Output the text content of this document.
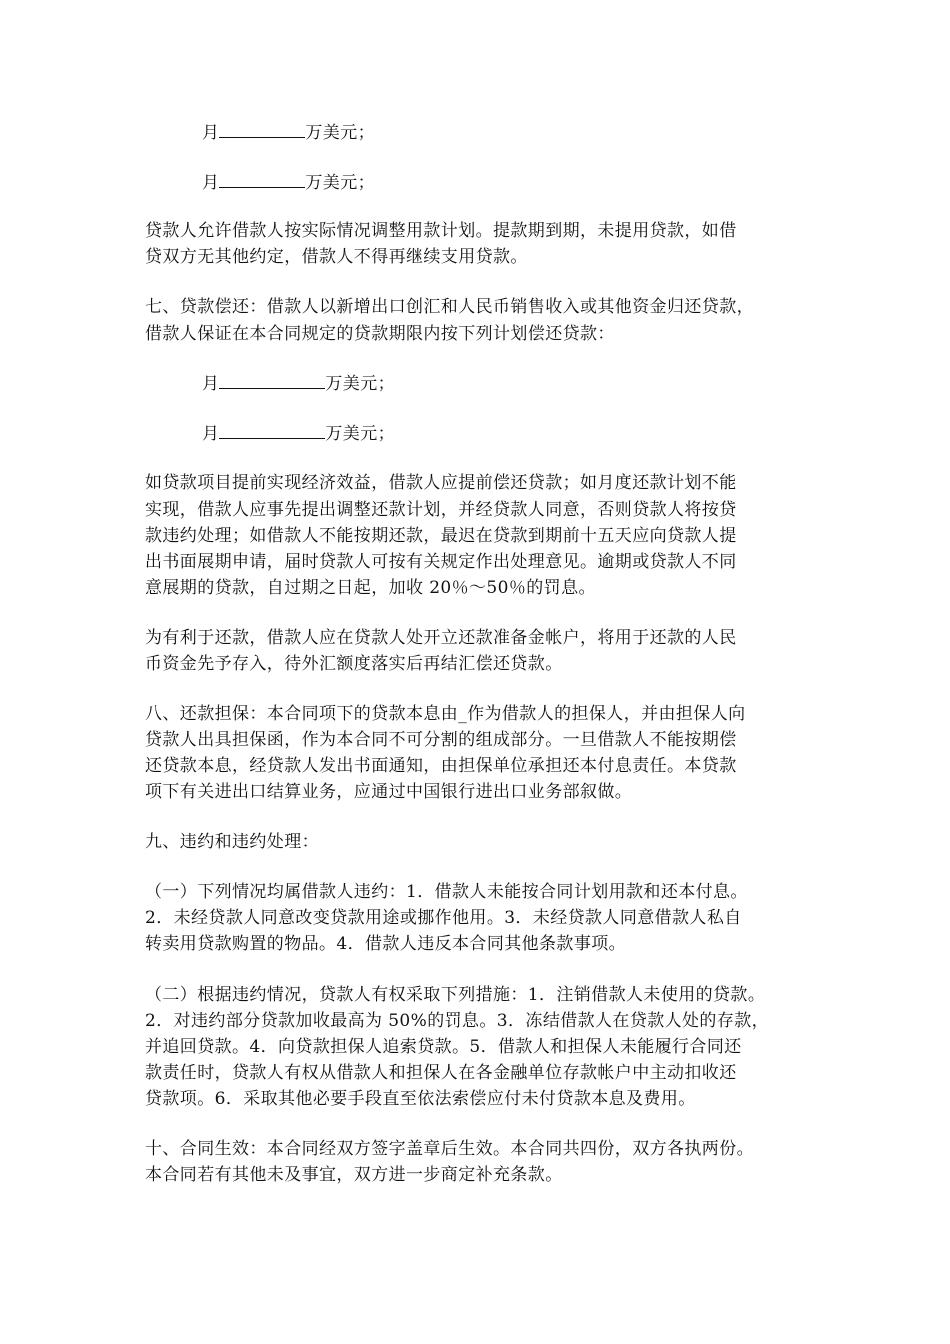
月	万美元；
月	万美元；
贷款人允许借款人按实际情况调整用款计划。提款期到期，未提用贷款，如借
贷双方无其他约定，借款人不得再继续支用贷款。
七、贷款偿还：借款人以新增出口创汇和人民币销售收入或其他资金归还贷款，
借款人保证在本合同规定的贷款期限内按下列计划偿还贷款：
月	万美元；
月	万美元；
如贷款项目提前实现经济效益，借款人应提前偿还贷款；如月度还款计划不能
实现，借款人应事先提出调整还款计划，并经贷款人同意，否则贷款人将按贷
款违约处理；如借款人不能按期还款，最迟在贷款到期前十五天应向贷款人提
出书面展期申请，届时贷款人可按有关规定作出处理意见。逾期或贷款人不同
意展期的贷款，自过期之日起，加收 20％～50％的罚息。
为有利于还款，借款人应在贷款人处开立还款准备金帐户，将用于还款的人民
币资金先予存入，待外汇额度落实后再结汇偿还贷款。
八、还款担保：本合同项下的贷款本息由_作为借款人的担保人，并由担保人向
贷款人出具担保函，作为本合同不可分割的组成部分。一旦借款人不能按期偿
还贷款本息，经贷款人发出书面通知，由担保单位承担还本付息责任。本贷款
项下有关进出口结算业务，应通过中国银行进出口业务部叙做。
九、违约和违约处理：
（一）下列情况均属借款人违约：1．借款人未能按合同计划用款和还本付息。
2．未经贷款人同意改变贷款用途或挪作他用。3．未经贷款人同意借款人私自
转卖用贷款购置的物品。4．借款人违反本合同其他条款事项。
（二）根据违约情况，贷款人有权采取下列措施：1．注销借款人未使用的贷款。
2．对违约部分贷款加收最高为 50%的罚息。3．冻结借款人在贷款人处的存款，
并追回贷款。4．向贷款担保人追索贷款。5．借款人和担保人未能履行合同还
款责任时，贷款人有权从借款人和担保人在各金融单位存款帐户中主动扣收还
贷款项。6．采取其他必要手段直至依法索偿应付未付贷款本息及费用。
十、合同生效：本合同经双方签字盖章后生效。本合同共四份，双方各执两份。
本合同若有其他未及事宜，双方进一步商定补充条款。
